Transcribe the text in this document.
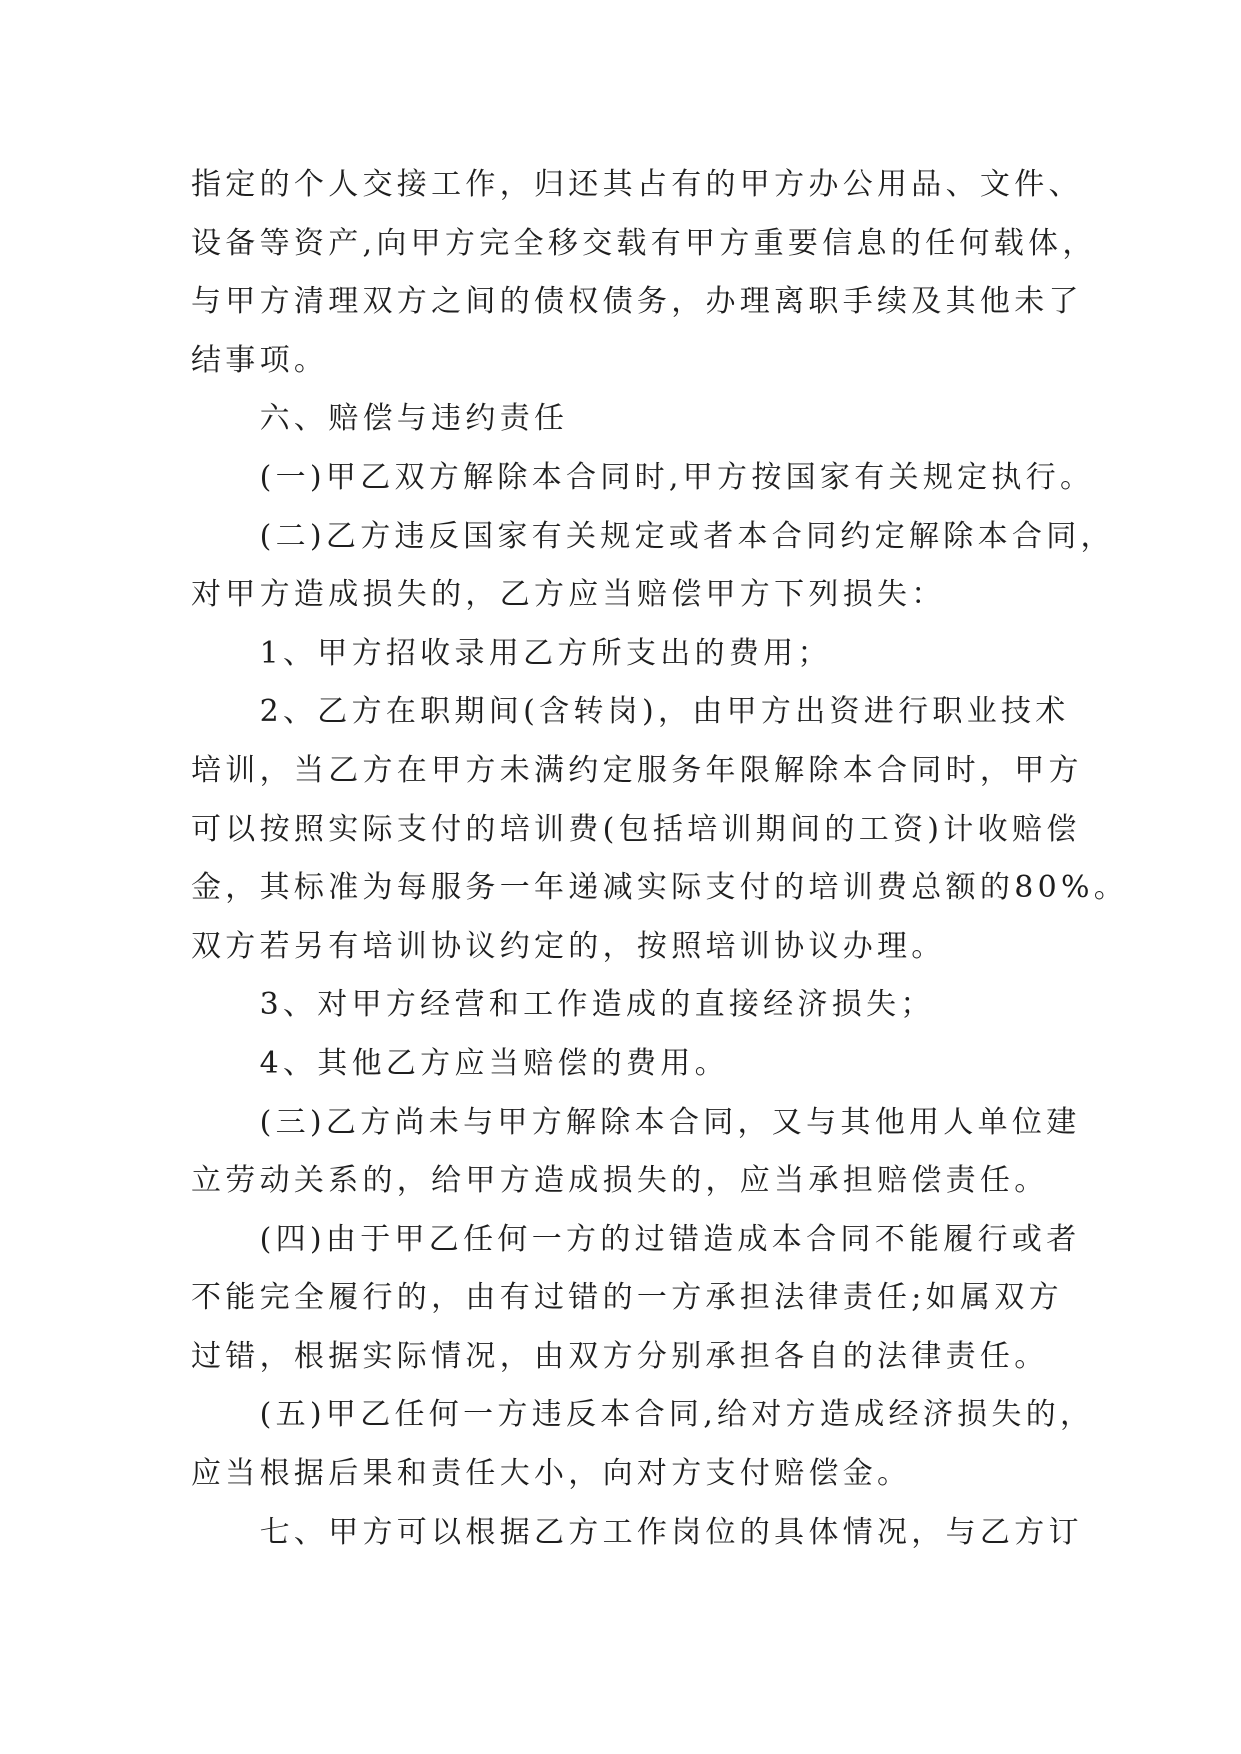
指定的个人交接工作，归还其占有的甲方办公用品、文件、
设备等资产,向甲方完全移交载有甲方重要信息的任何载体，
与甲方清理双方之间的债权债务，办理离职手续及其他未了
结事项。
六、赔偿与违约责任
(一)甲乙双方解除本合同时,甲方按国家有关规定执行。
(二)乙方违反国家有关规定或者本合同约定解除本合同，
对甲方造成损失的，乙方应当赔偿甲方下列损失：
1、甲方招收录用乙方所支出的费用；
2、乙方在职期间(含转岗)，由甲方出资进行职业技术
培训，当乙方在甲方未满约定服务年限解除本合同时，甲方
可以按照实际支付的培训费(包括培训期间的工资)计收赔偿
金，其标准为每服务一年递减实际支付的培训费总额的80%。
双方若另有培训协议约定的，按照培训协议办理。
3、对甲方经营和工作造成的直接经济损失；
4、其他乙方应当赔偿的费用。
(三)乙方尚未与甲方解除本合同，又与其他用人单位建
立劳动关系的，给甲方造成损失的，应当承担赔偿责任。
(四)由于甲乙任何一方的过错造成本合同不能履行或者
不能完全履行的，由有过错的一方承担法律责任;如属双方
过错，根据实际情况，由双方分别承担各自的法律责任。
(五)甲乙任何一方违反本合同,给对方造成经济损失的，
应当根据后果和责任大小，向对方支付赔偿金。
七、甲方可以根据乙方工作岗位的具体情况，与乙方订
